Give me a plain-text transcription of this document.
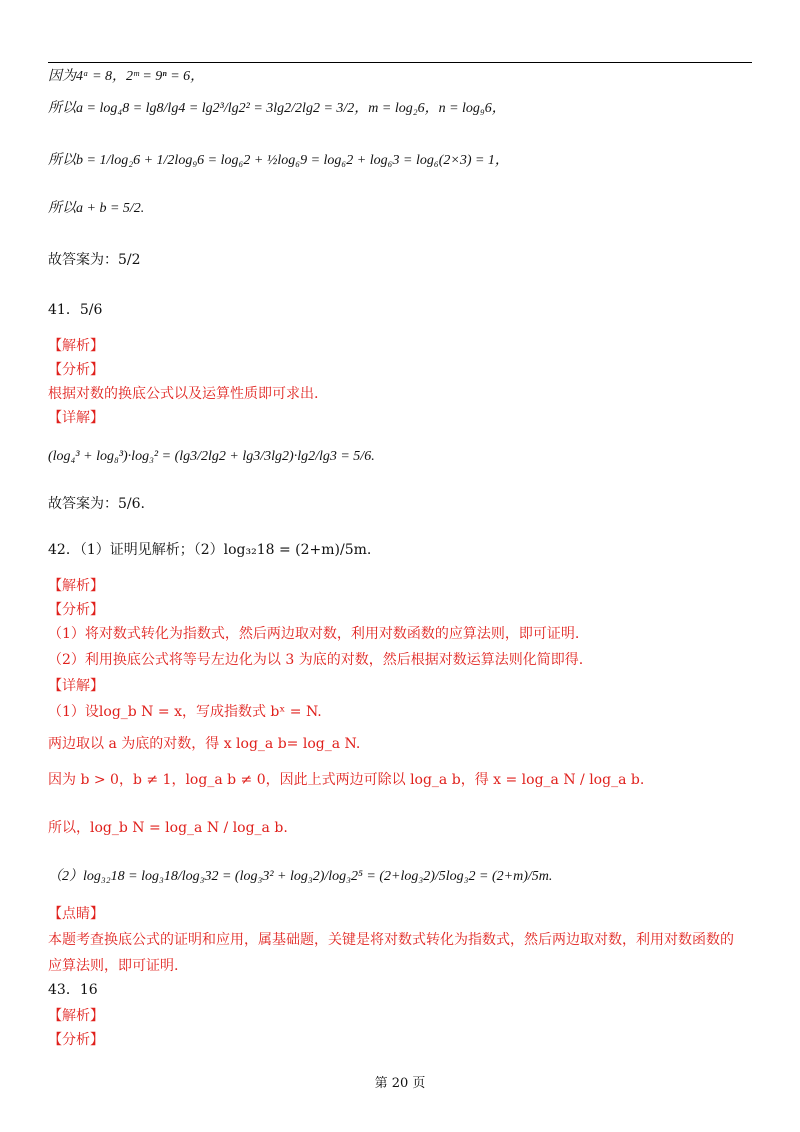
因为4ᵃ = 8，2ᵐ = 9ⁿ = 6，
所以a = log₄8 = lg8/lg4 = lg2³/lg2² = 3lg2/2lg2 = 3/2，m = log₂6，n = log₉6，
所以b = 1/log₂6 + 1/2log₉6 = log₆2 + ½log₆9 = log₆2 + log₆3 = log₆(2×3) = 1，
所以a + b = 5/2.
故答案为：5/2
41．5/6
【解析】
【分析】
根据对数的换底公式以及运算性质即可求出.
【详解】
(log₄³ + log₈³)·log₃² = (lg3/2lg2 + lg3/3lg2)·lg2/lg3 = 5/6.
故答案为：5/6.
42．（1）证明见解析；（2）log₃₂18 = (2+m)/5m.
【解析】
【分析】
（1）将对数式转化为指数式，然后两边取对数，利用对数函数的应算法则，即可证明.
（2）利用换底公式将等号左边化为以 3 为底的对数，然后根据对数运算法则化简即得.
【详解】
（1）设log_b N = x，写成指数式 bˣ = N.
两边取以 a 为底的对数，得 x log_a b= log_a N.
因为 b > 0，b ≠ 1，log_a b ≠ 0，因此上式两边可除以 log_a b，得 x = log_a N / log_a b.
所以，log_b N = log_a N / log_a b.
（2）log₃₂18 = log₃18/log₃32 = (log₃3² + log₃2)/log₃2⁵ = (2+log₃2)/5log₃2 = (2+m)/5m.
【点睛】
本题考查换底公式的证明和应用，属基础题，关键是将对数式转化为指数式，然后两边取对数，利用对数函数的
应算法则，即可证明.
43．16
【解析】
【分析】
第 20 页
